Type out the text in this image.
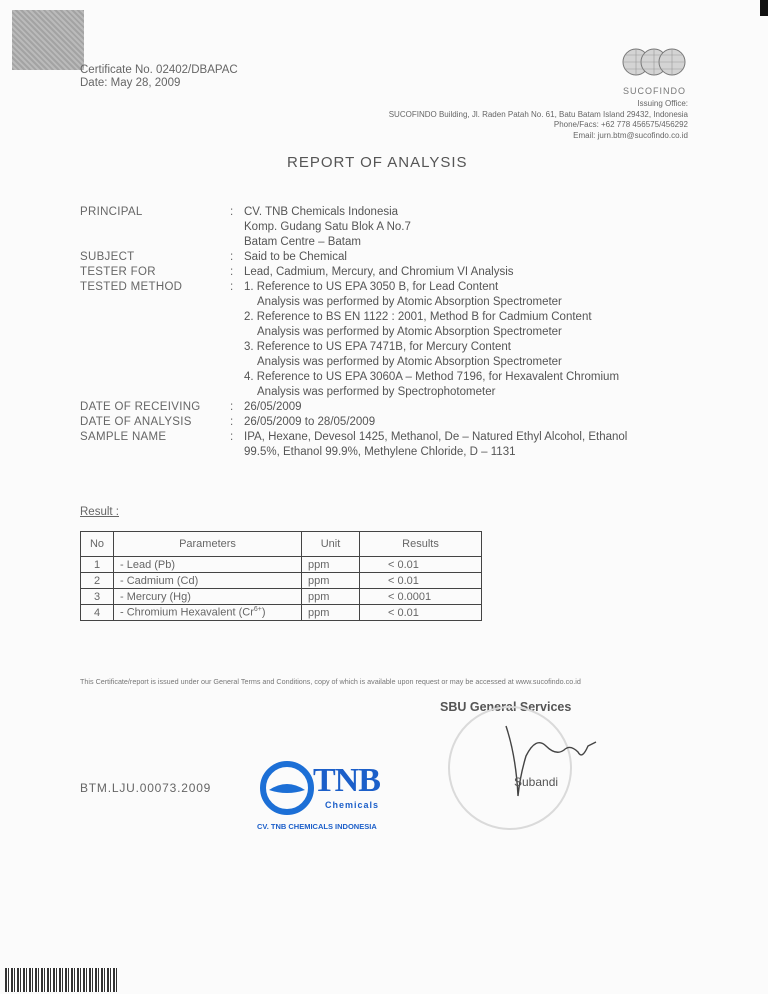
Certificate No. 02402/DBAPAC
Date: May 28, 2009
SUCOFINDO
Issuing Office:
SUCOFINDO Building, Jl. Raden Patah No. 61, Batu Batam Island 29432, Indonesia
Phone/Facs: +62 778 456575/456292
Email: jurn.btm@sucofindo.co.id
REPORT OF ANALYSIS
PRINCIPAL	: CV. TNB Chemicals Indonesia
Komp. Gudang Satu Blok A No.7
Batam Centre – Batam
SUBJECT	: Said to be Chemical
TESTER FOR	: Lead, Cadmium, Mercury, and Chromium VI Analysis
TESTED METHOD	: 1. Reference to US EPA 3050 B, for Lead Content
Analysis was performed by Atomic Absorption Spectrometer
2. Reference to BS EN 1122 : 2001, Method B for Cadmium Content
Analysis was performed by Atomic Absorption Spectrometer
3. Reference to US EPA 7471B, for Mercury Content
Analysis was performed by Atomic Absorption Spectrometer
4. Reference to US EPA 3060A – Method 7196, for Hexavalent Chromium
Analysis was performed by Spectrophotometer
DATE OF RECEIVING	: 26/05/2009
DATE OF ANALYSIS	: 26/05/2009 to 28/05/2009
SAMPLE NAME	: IPA, Hexane, Devesol 1425, Methanol, De – Natured Ethyl Alcohol, Ethanol
99.5%, Ethanol 99.9%, Methylene Chloride, D – 1131
Result :
No	Parameters	Unit	Results
1	- Lead (Pb)	ppm	< 0.01
2	- Cadmium (Cd)	ppm	< 0.01
3	- Mercury (Hg)	ppm	< 0.0001
4	- Chromium Hexavalent $(Cr^{6+})$	ppm	< 0.01
This Certificate/report is issued under our General Terms and Conditions, copy of which is available upon request or may be accessed at www.sucofindo.co.id
SBU General Services
Subandi
BTM.LJU.00073.2009	TNB
Chemicals
CV. TNB CHEMICALS INDONESIA
